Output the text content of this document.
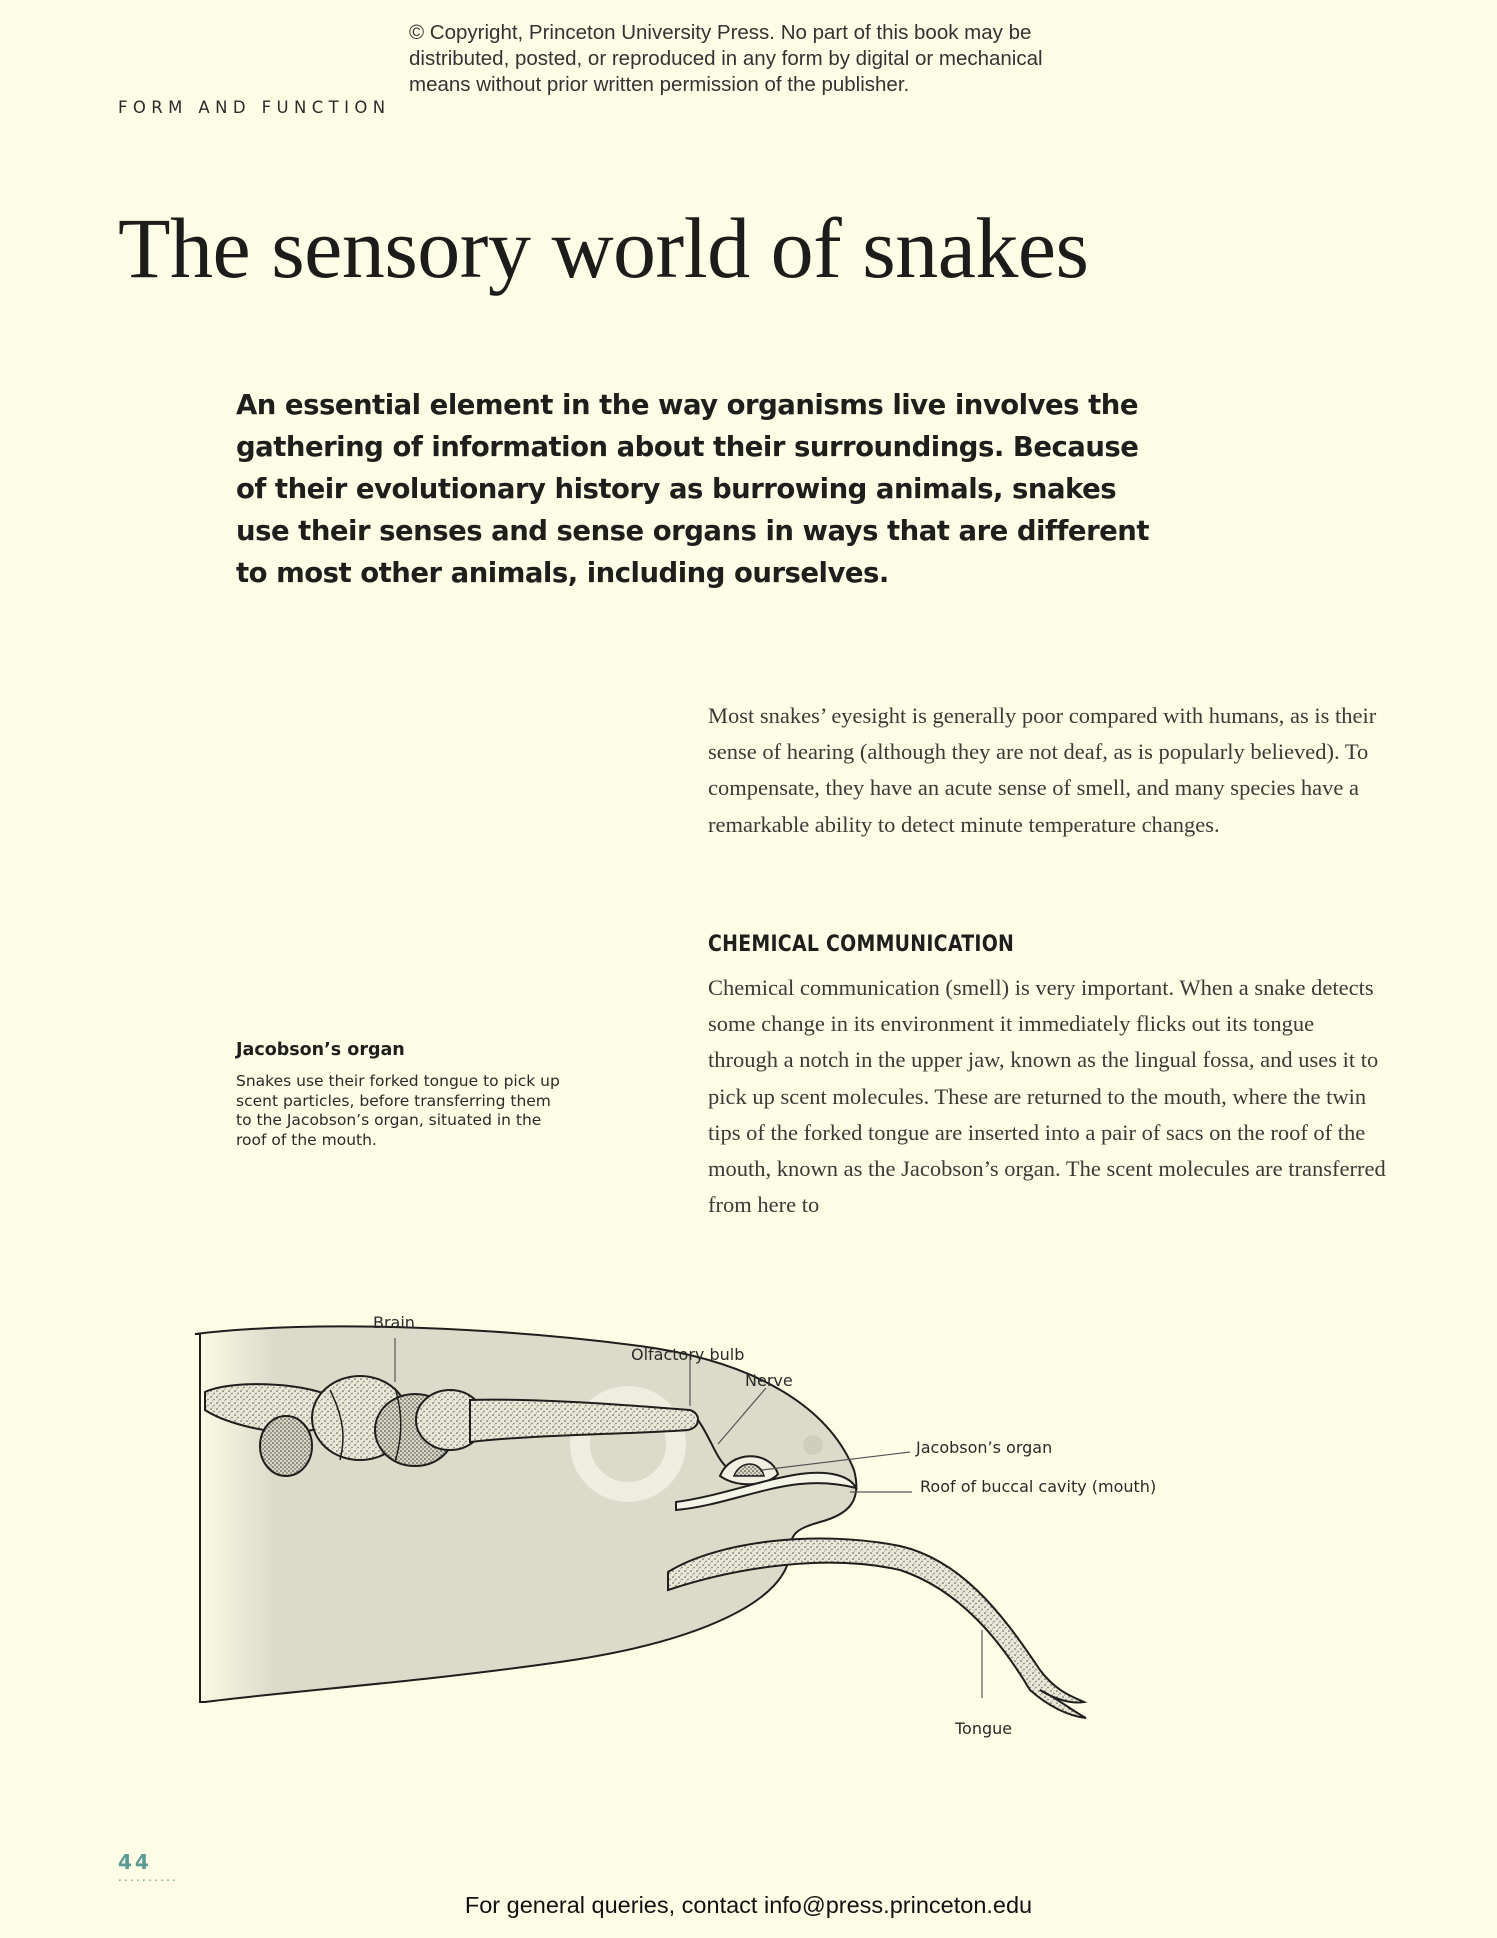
© Copyright, Princeton University Press. No part of this book may be
distributed, posted, or reproduced in any form by digital or mechanical
means without prior written permission of the publisher.
FORM AND FUNCTION
The sensory world of snakes

An essential element in the way organisms live involves the gathering of information about their surroundings. Because of their evolutionary history as burrowing animals, snakes use their senses and sense organs in ways that are different to most other animals, including ourselves.

Most snakes’ eyesight is generally poor compared with humans, as is their sense of hearing (although they are not deaf, as is popularly believed). To compensate, they have an acute sense of smell, and many species have a remarkable ability to detect minute temperature changes.

CHEMICAL COMMUNICATION

Chemical communication (smell) is very important. When a snake detects some change in its environment it immediately flicks out its tongue through a notch in the upper jaw, known as the lingual fossa, and uses it to pick up scent molecules. These are returned to the mouth, where the twin tips of the forked tongue are inserted into a pair of sacs on the roof of the mouth, known as the Jacobson’s organ. The scent molecules are transferred from here to

Jacobson’s organ

Snakes use their forked tongue to pick up scent particles, before transferring them to the Jacobson’s organ, situated in the roof of the mouth.

Brain
Olfactory bulb
Nerve
Jacobson’s organ
Roof of buccal cavity (mouth)
Tongue
44
..........
For general queries, contact info@press.princeton.edu
